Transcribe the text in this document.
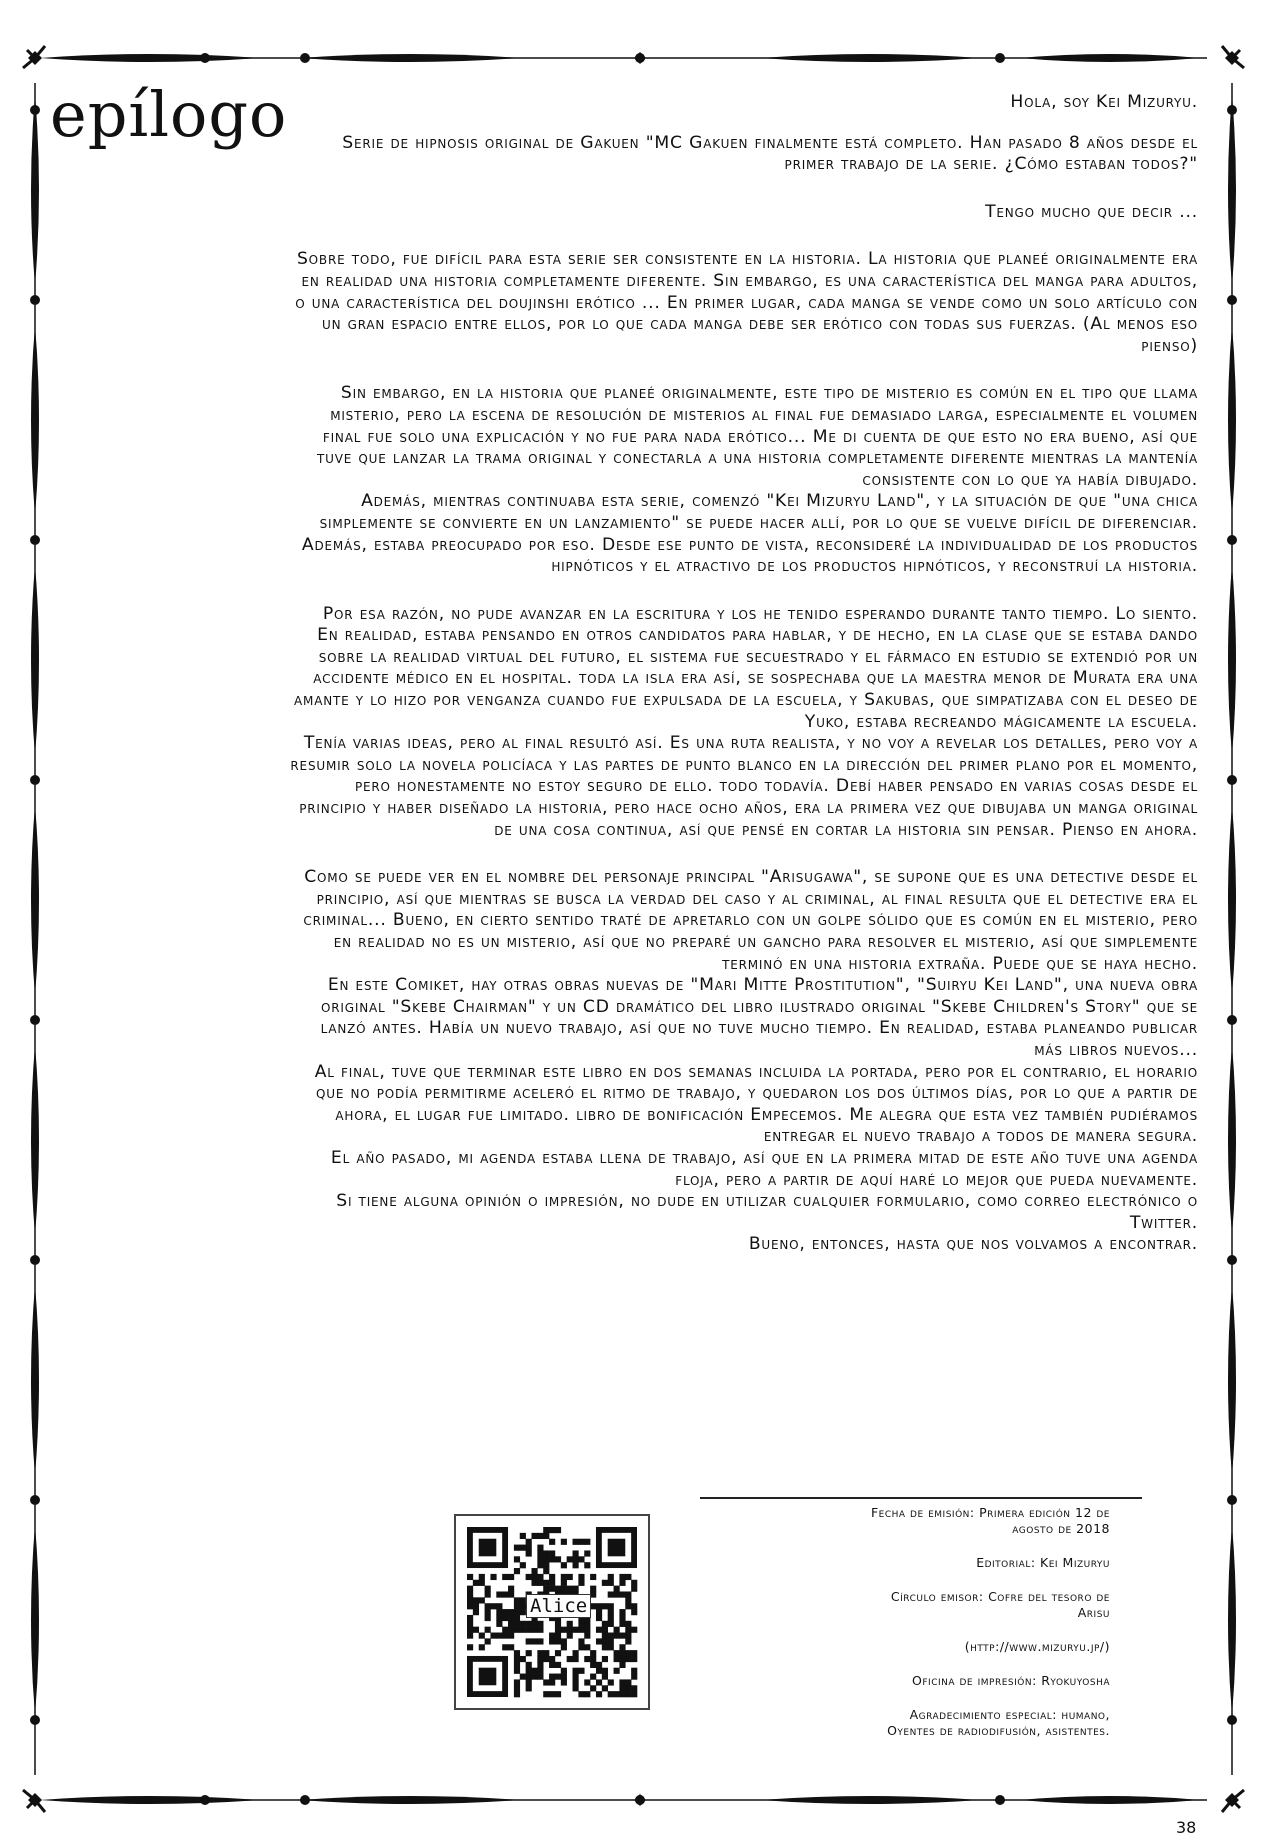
epílogo	Hola, soy Kei Mizuryu.

Serie de hipnosis original de Gakuen "MC Gakuen finalmente está completo. Han pasado 8 años desde el primer trabajo de la serie. ¿Cómo estaban todos?"

Tengo mucho que decir ...

Sobre todo, fue difícil para esta serie ser consistente en la historia. La historia que planeé originalmente era en realidad una historia completamente diferente. Sin embargo, es una característica del manga para adultos, o una característica del doujinshi erótico ... En primer lugar, cada manga se vende como un solo artículo con un gran espacio entre ellos, por lo que cada manga debe ser erótico con todas sus fuerzas. (Al menos eso pienso)

Sin embargo, en la historia que planeé originalmente, este tipo de misterio es común en el tipo que llama misterio, pero la escena de resolución de misterios al final fue demasiado larga, especialmente el volumen final fue solo una explicación y no fue para nada erótico... Me di cuenta de que esto no era bueno, así que tuve que lanzar la trama original y conectarla a una historia completamente diferente mientras la mantenía consistente con lo que ya había dibujado.

Además, mientras continuaba esta serie, comenzó "Kei Mizuryu Land", y la situación de que "una chica simplemente se convierte en un lanzamiento" se puede hacer allí, por lo que se vuelve difícil de diferenciar. Además, estaba preocupado por eso. Desde ese punto de vista, reconsideré la individualidad de los productos hipnóticos y el atractivo de los productos hipnóticos, y reconstruí la historia.

Por esa razón, no pude avanzar en la escritura y los he tenido esperando durante tanto tiempo. Lo siento.

En realidad, estaba pensando en otros candidatos para hablar, y de hecho, en la clase que se estaba dando sobre la realidad virtual del futuro, el sistema fue secuestrado y el fármaco en estudio se extendió por un accidente médico en el hospital. toda la isla era así, se sospechaba que la maestra menor de Murata era una amante y lo hizo por venganza cuando fue expulsada de la escuela, y Sakubas, que simpatizaba con el deseo de Yuko, estaba recreando mágicamente la escuela.

Tenía varias ideas, pero al final resultó así. Es una ruta realista, y no voy a revelar los detalles, pero voy a resumir solo la novela policíaca y las partes de punto blanco en la dirección del primer plano por el momento, pero honestamente no estoy seguro de ello. todo todavía. Debí haber pensado en varias cosas desde el principio y haber diseñado la historia, pero hace ocho años, era la primera vez que dibujaba un manga original de una cosa continua, así que pensé en cortar la historia sin pensar. Pienso en ahora.

Como se puede ver en el nombre del personaje principal "Arisugawa", se supone que es una detective desde el principio, así que mientras se busca la verdad del caso y al criminal, al final resulta que el detective era el criminal... Bueno, en cierto sentido traté de apretarlo con un golpe sólido que es común en el misterio, pero en realidad no es un misterio, así que no preparé un gancho para resolver el misterio, así que simplemente terminó en una historia extraña. Puede que se haya hecho.

En este Comiket, hay otras obras nuevas de "Mari Mitte Prostitution", "Suiryu Kei Land", una nueva obra original "Skebe Chairman" y un CD dramático del libro ilustrado original "Skebe Children's Story" que se lanzó antes. Había un nuevo trabajo, así que no tuve mucho tiempo. En realidad, estaba planeando publicar más libros nuevos...

Al final, tuve que terminar este libro en dos semanas incluida la portada, pero por el contrario, el horario que no podía permitirme aceleró el ritmo de trabajo, y quedaron los dos últimos días, por lo que a partir de ahora, el lugar fue limitado. libro de bonificación Empecemos. Me alegra que esta vez también pudiéramos entregar el nuevo trabajo a todos de manera segura.

El año pasado, mi agenda estaba llena de trabajo, así que en la primera mitad de este año tuve una agenda floja, pero a partir de aquí haré lo mejor que pueda nuevamente.

Si tiene alguna opinión o impresión, no dude en utilizar cualquier formulario, como correo electrónico o Twitter.

Bueno, entonces, hasta que nos volvamos a encontrar.

Alice

Fecha de emisión: Primera edición 12 de agosto de 2018

Editorial: Kei Mizuryu

Círculo emisor: Cofre del tesoro de Arisu

(http://www.mizuryu.jp/)

Oficina de impresión: Ryokuyosha

Agradecimiento especial: humano, Oyentes de radiodifusión, asistentes.

38
